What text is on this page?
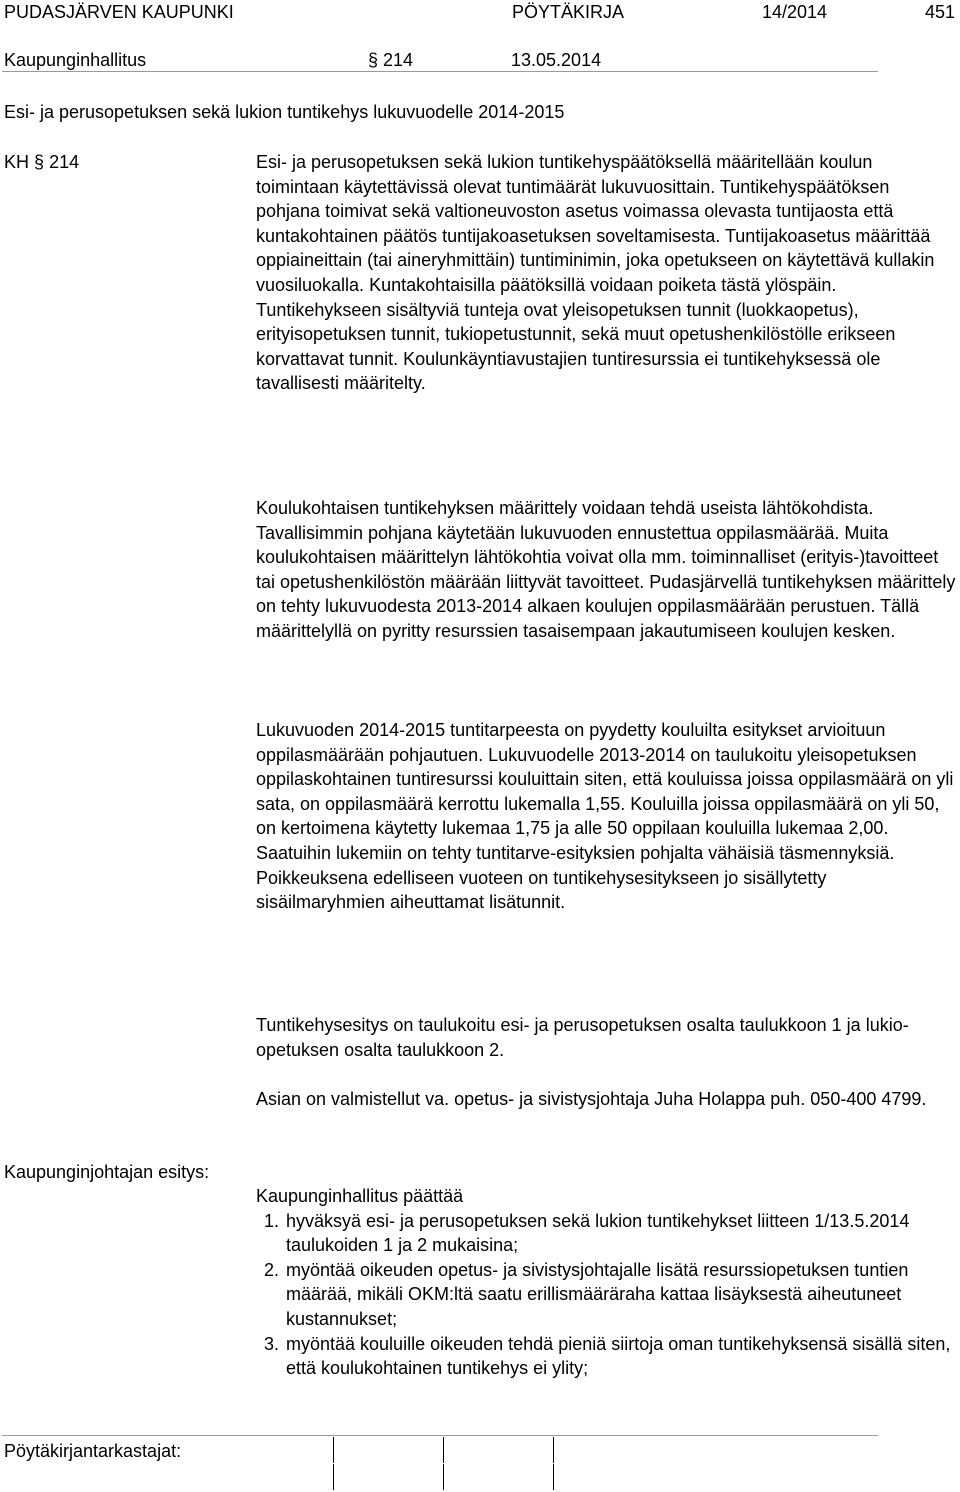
PUDASJÄRVEN KAUPUNKI	PÖYTÄKIRJA	14/2014	451
Kaupunginhallitus	§ 214	13.05.2014
Esi- ja perusopetuksen sekä lukion tuntikehys lukuvuodelle 2014-2015
KH § 214	Esi- ja perusopetuksen sekä lukion tuntikehyspäätöksellä määritellään koulun toimintaan käytettävissä olevat tuntimäärät lukuvuosittain. Tuntikehyspäätöksen pohjana toimivat sekä valtioneuvoston asetus voimassa olevasta tuntijaosta että kuntakohtainen päätös tuntijakoasetuksen soveltamisesta. Tuntijakoasetus määrittää oppiaineittain (tai aineryhmittäin) tuntiminimin, joka opetukseen on käytettävä kullakin vuosiluokalla. Kuntakohtaisilla päätöksillä voidaan poiketa tästä ylöspäin. Tuntikehykseen sisältyviä tunteja ovat yleisopetuksen tunnit (luokkaopetus), erityisopetuksen tunnit, tukiopetustunnit, sekä muut opetushenkilöstölle erikseen korvattavat tunnit. Koulunkäyntiavustajien tuntiresurssia ei tuntikehyksessä ole tavallisesti määritelty.

Koulukohtaisen tuntikehyksen määrittely voidaan tehdä useista lähtökohdista. Tavallisimmin pohjana käytetään lukuvuoden ennustettua oppilasmäärää. Muita koulukohtaisen määrittelyn lähtökohtia voivat olla mm. toiminnalliset (erityis-)tavoitteet tai opetushenkilöstön määrään liittyvät tavoitteet. Pudasjärvellä tuntikehyksen määrittely on tehty lukuvuodesta 2013-2014 alkaen koulujen oppilasmäärään perustuen. Tällä määrittelyllä on pyritty resurssien tasaisempaan jakautumiseen koulujen kesken.

Lukuvuoden 2014-2015 tuntitarpeesta on pyydetty kouluilta esitykset arvioituun oppilasmäärään pohjautuen. Lukuvuodelle 2013-2014 on taulukoitu yleisopetuksen oppilaskohtainen tuntiresurssi kouluittain siten, että kouluissa joissa oppilasmäärä on yli sata, on oppilasmäärä kerrottu lukemalla 1,55. Kouluilla joissa oppilasmäärä on yli 50, on kertoimena käytetty lukemaa 1,75 ja alle 50 oppilaan kouluilla lukemaa 2,00. Saatuihin lukemiin on tehty tuntitarve-esityksien pohjalta vähäisiä täsmennyksiä. Poikkeuksena edelliseen vuoteen on tuntikehysesitykseen jo sisällytetty sisäilmaryhmien aiheuttamat lisätunnit.

Tuntikehysesitys on taulukoitu esi- ja perusopetuksen osalta taulukkoon 1 ja lukio-opetuksen osalta taulukkoon 2.

Asian on valmistellut va. opetus- ja sivistysjohtaja Juha Holappa puh. 050-400 4799.

Kaupunginjohtajan esitys:
Kaupunginhallitus päättää
1. hyväksyä esi- ja perusopetuksen sekä lukion tuntikehykset liitteen 1/13.5.2014 taulukoiden 1 ja 2 mukaisina;
2. myöntää oikeuden opetus- ja sivistysjohtajalle lisätä resurssiopetuksen tuntien määrää, mikäli OKM:ltä saatu erillismääräraha kattaa lisäyksestä aiheutuneet kustannukset;
3. myöntää kouluille oikeuden tehdä pieniä siirtoja oman tuntikehyksensä sisällä siten, että koulukohtainen tuntikehys ei ylity;
Pöytäkirjantarkastajat:
